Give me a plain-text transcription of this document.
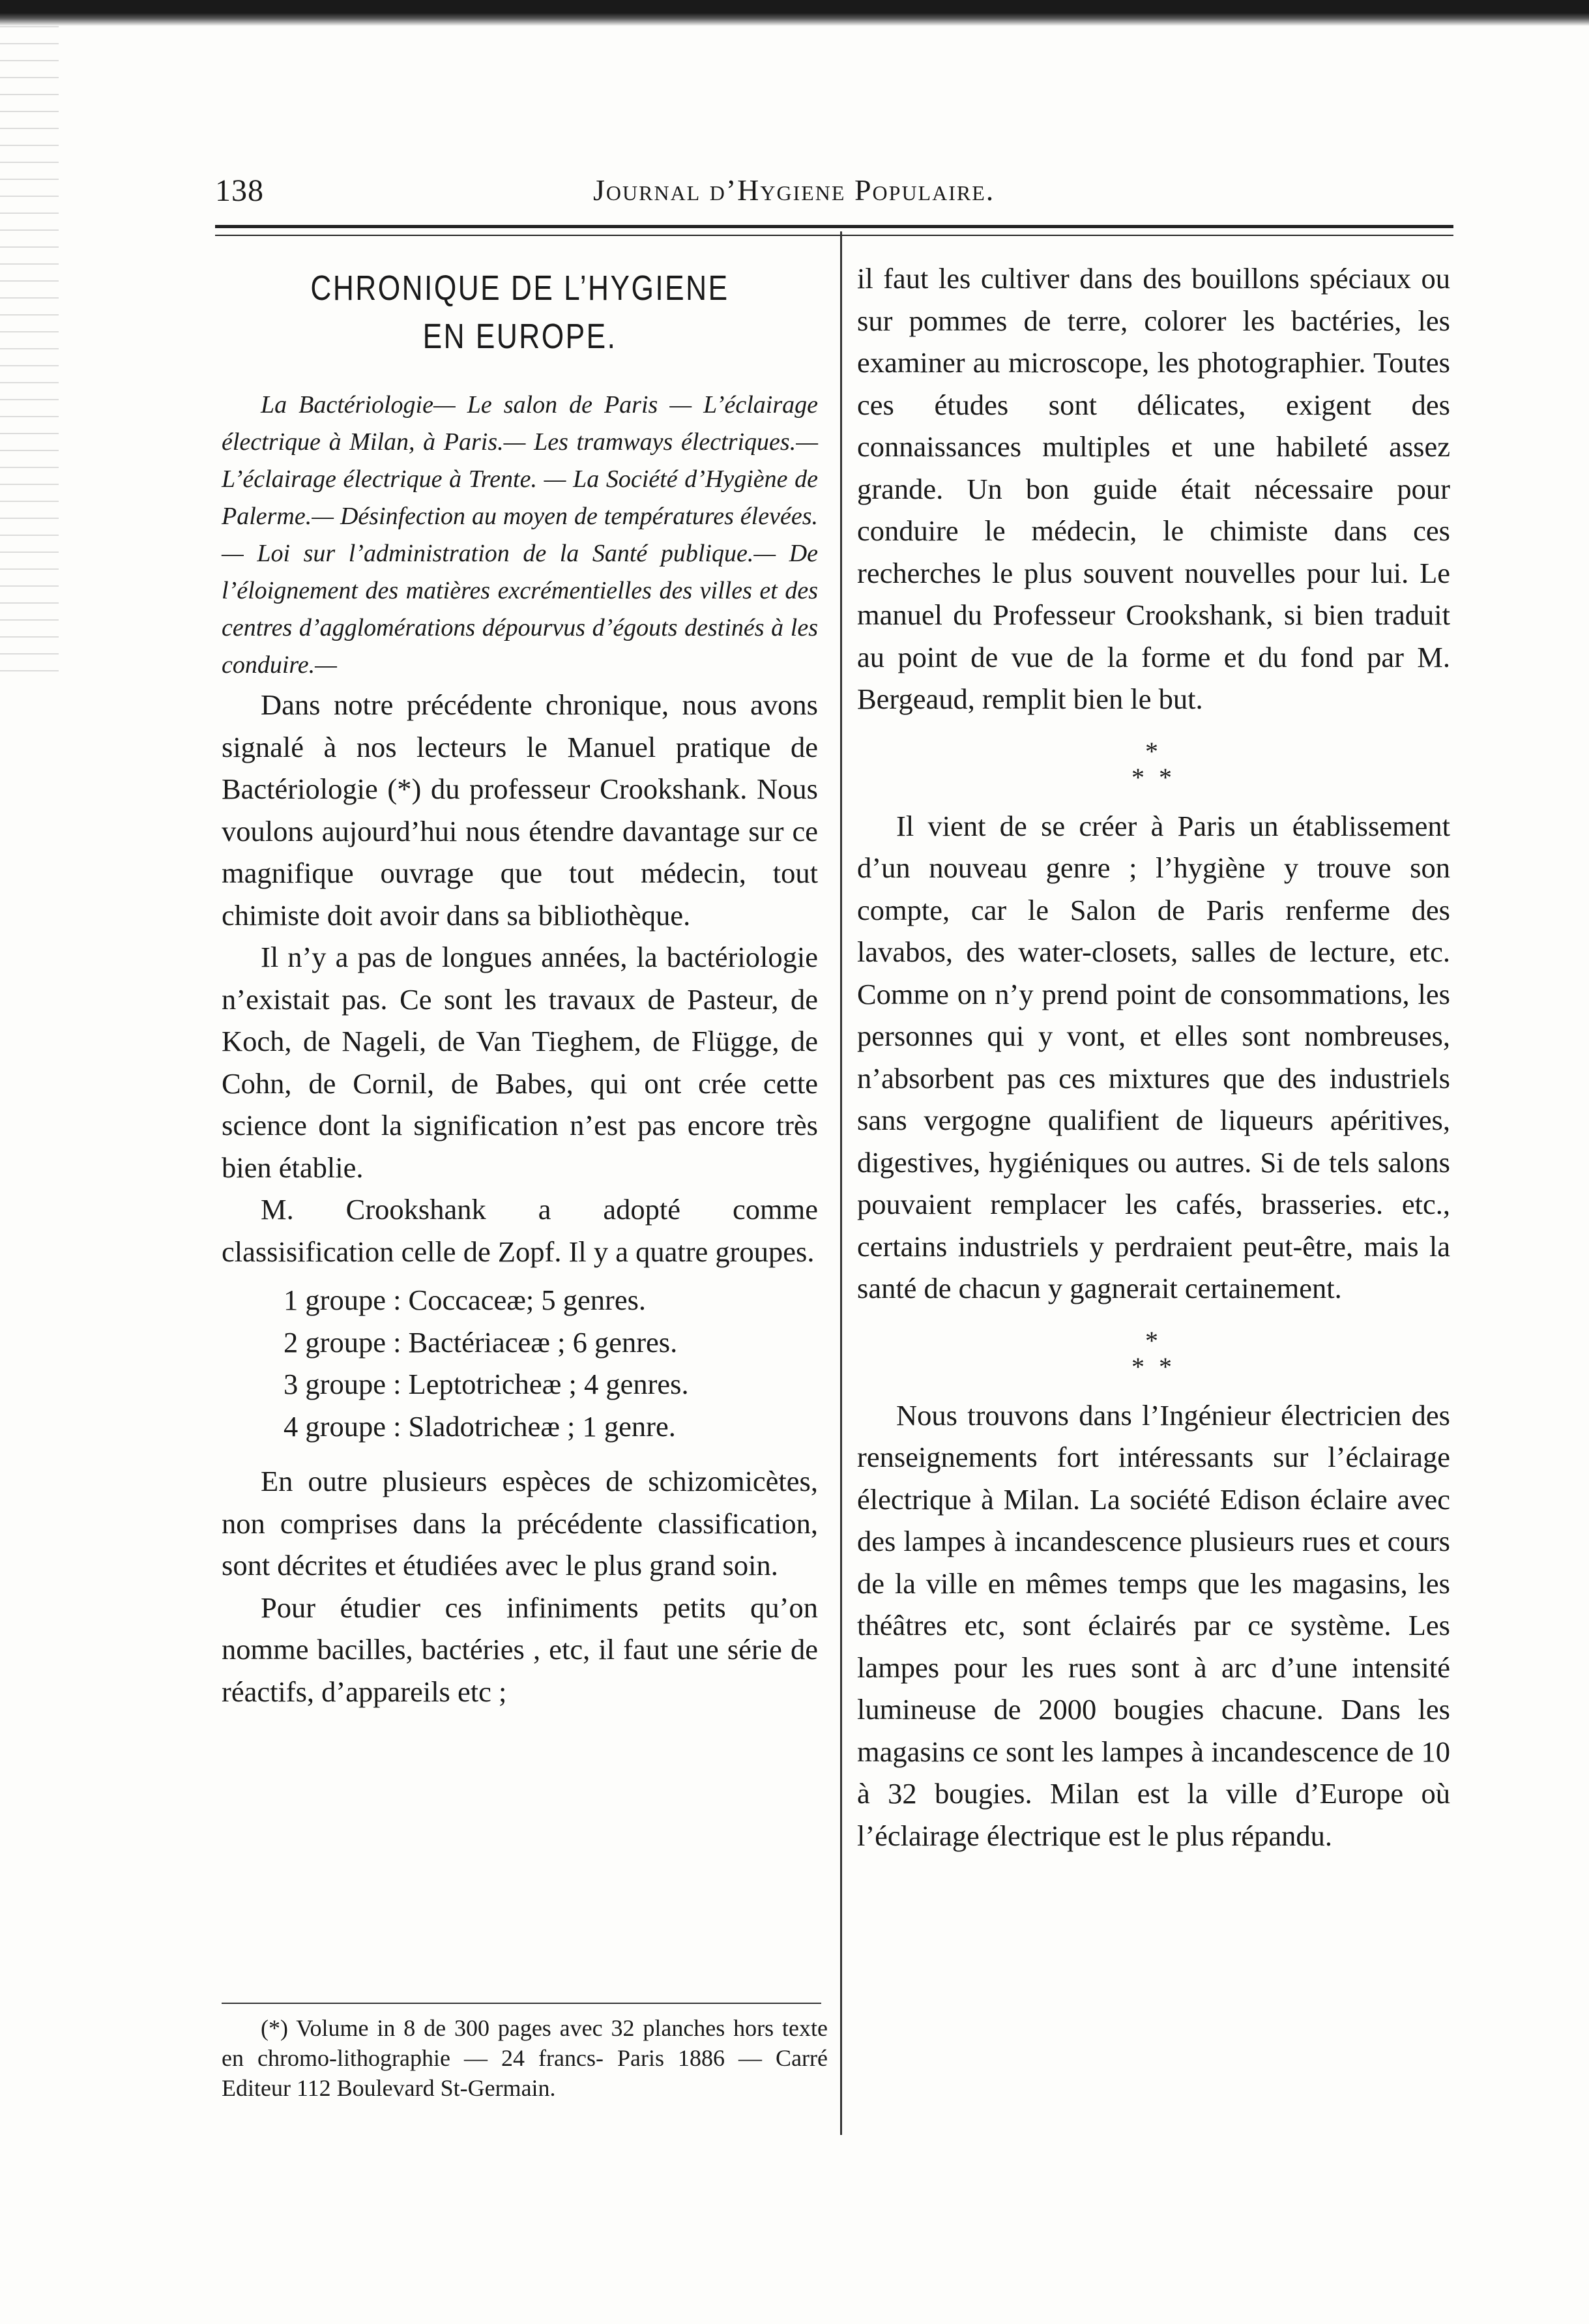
138	Journal d’Hygiene Populaire.
CHRONIQUE DE L’HYGIENE
EN EUROPE.

La Bactériologie— Le salon de Paris — L’éclairage électrique à Milan, à Paris.— Les tramways électriques.— L’éclairage électrique à Trente. — La Société d’Hygiène de Palerme.— Désinfection au moyen de températures élevées.— Loi sur l’administration de la Santé publique.— De l’éloignement des matières excrémentielles des villes et des centres d’agglomérations dépourvus d’égouts destinés à les conduire.—

Dans notre précédente chronique, nous avons signalé à nos lecteurs le Manuel pratique de Bactériologie (*) du professeur Crookshank. Nous voulons aujourd’hui nous étendre davantage sur ce magnifique ouvrage que tout médecin, tout chimiste doit avoir dans sa bibliothèque.

Il n’y a pas de longues années, la bactériologie n’existait pas. Ce sont les travaux de Pasteur, de Koch, de Nageli, de Van Tieghem, de Flügge, de Cohn, de Cornil, de Babes, qui ont crée cette science dont la signification n’est pas encore très bien établie.

M. Crookshank a adopté comme classisification celle de Zopf. Il y a quatre groupes.

1 groupe : Coccaceæ; 5 genres.
2 groupe : Bactériaceæ ; 6 genres.
3 groupe : Leptotricheæ ; 4 genres.
4 groupe : Sladotricheæ ; 1 genre.

En outre plusieurs espèces de schizomicètes, non comprises dans la précédente classification, sont décrites et étudiées avec le plus grand soin.

Pour étudier ces infiniments petits qu’on nomme bacilles, bactéries , etc, il faut une série de réactifs, d’appareils etc ;

(*) Volume in 8 de 300 pages avec 32 planches hors texte en chromo-lithographie — 24 francs- Paris 1886 — Carré Editeur 112 Boulevard St-Germain.

il faut les cultiver dans des bouillons spéciaux ou sur pommes de terre, colorer les bactéries, les examiner au microscope, les photographier. Toutes ces études sont délicates, exigent des connaissances multiples et une habileté assez grande. Un bon guide était nécessaire pour conduire le médecin, le chimiste dans ces recherches le plus souvent nouvelles pour lui. Le manuel du Professeur Crookshank, si bien traduit au point de vue de la forme et du fond par M. Bergeaud, remplit bien le but.

*
* *

Il vient de se créer à Paris un établissement d’un nouveau genre ; l’hygiène y trouve son compte, car le Salon de Paris renferme des lavabos, des water-closets, salles de lecture, etc. Comme on n’y prend point de consommations, les personnes qui y vont, et elles sont nombreuses, n’absorbent pas ces mixtures que des industriels sans vergogne qualifient de liqueurs apéritives, digestives, hygiéniques ou autres. Si de tels salons pouvaient remplacer les cafés, brasseries. etc., certains industriels y perdraient peut-être, mais la santé de chacun y gagnerait certainement.

*
* *

Nous trouvons dans l’Ingénieur électricien des renseignements fort intéressants sur l’éclairage électrique à Milan. La société Edison éclaire avec des lampes à incandescence plusieurs rues et cours de la ville en mêmes temps que les magasins, les théâtres etc, sont éclairés par ce système. Les lampes pour les rues sont à arc d’une intensité lumineuse de 2000 bougies chacune. Dans les magasins ce sont les lampes à incandescence de 10 à 32 bougies. Milan est la ville d’Europe où l’éclairage électrique est le plus répandu.
